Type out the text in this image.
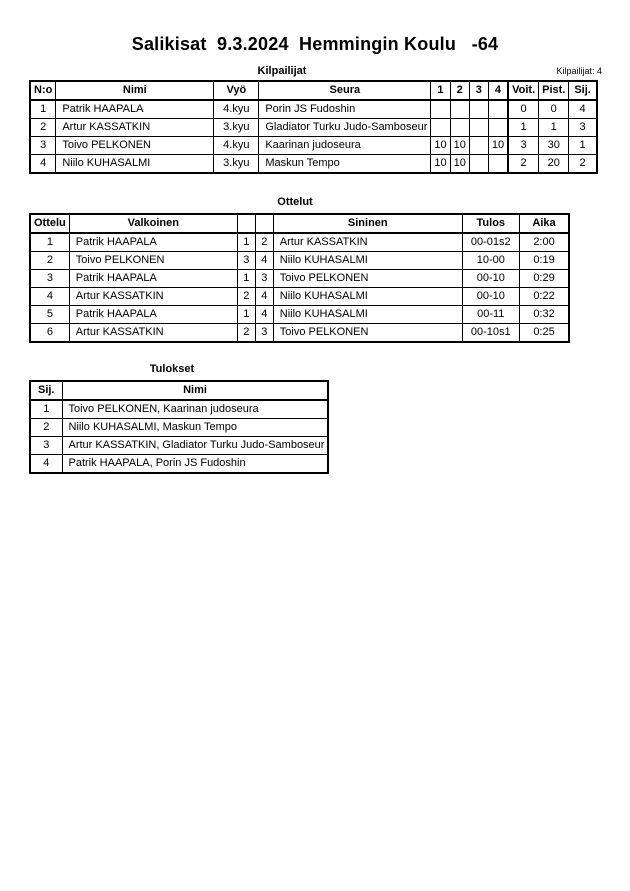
Salikisat  9.3.2024  Hemmingin Koulu   -64
Kilpailijat: 4
Kilpailijat
N:o	Nimi	Vyö	Seura	1	2	3	4	Voit.	Pist.	Sij.
1	Patrik HAAPALA	4.kyu	Porin JS Fudoshin					0	0	4
2	Artur KASSATKIN	3.kyu	Gladiator Turku Judo-Samboseur					1	1	3
3	Toivo PELKONEN	4.kyu	Kaarinan judoseura	10	10		10	3	30	1
4	Niilo KUHASALMI	3.kyu	Maskun Tempo	10	10			2	20	2
Ottelut
Ottelu	Valkoinen			Sininen	Tulos	Aika
1	Patrik HAAPALA	1	2	Artur KASSATKIN	00-01s2	2:00
2	Toivo PELKONEN	3	4	Niilo KUHASALMI	10-00	0:19
3	Patrik HAAPALA	1	3	Toivo PELKONEN	00-10	0:29
4	Artur KASSATKIN	2	4	Niilo KUHASALMI	00-10	0:22
5	Patrik HAAPALA	1	4	Niilo KUHASALMI	00-11	0:32
6	Artur KASSATKIN	2	3	Toivo PELKONEN	00-10s1	0:25
Tulokset
Sij.	Nimi
1	Toivo PELKONEN, Kaarinan judoseura
2	Niilo KUHASALMI, Maskun Tempo
3	Artur KASSATKIN, Gladiator Turku Judo-Samboseur
4	Patrik HAAPALA, Porin JS Fudoshin
